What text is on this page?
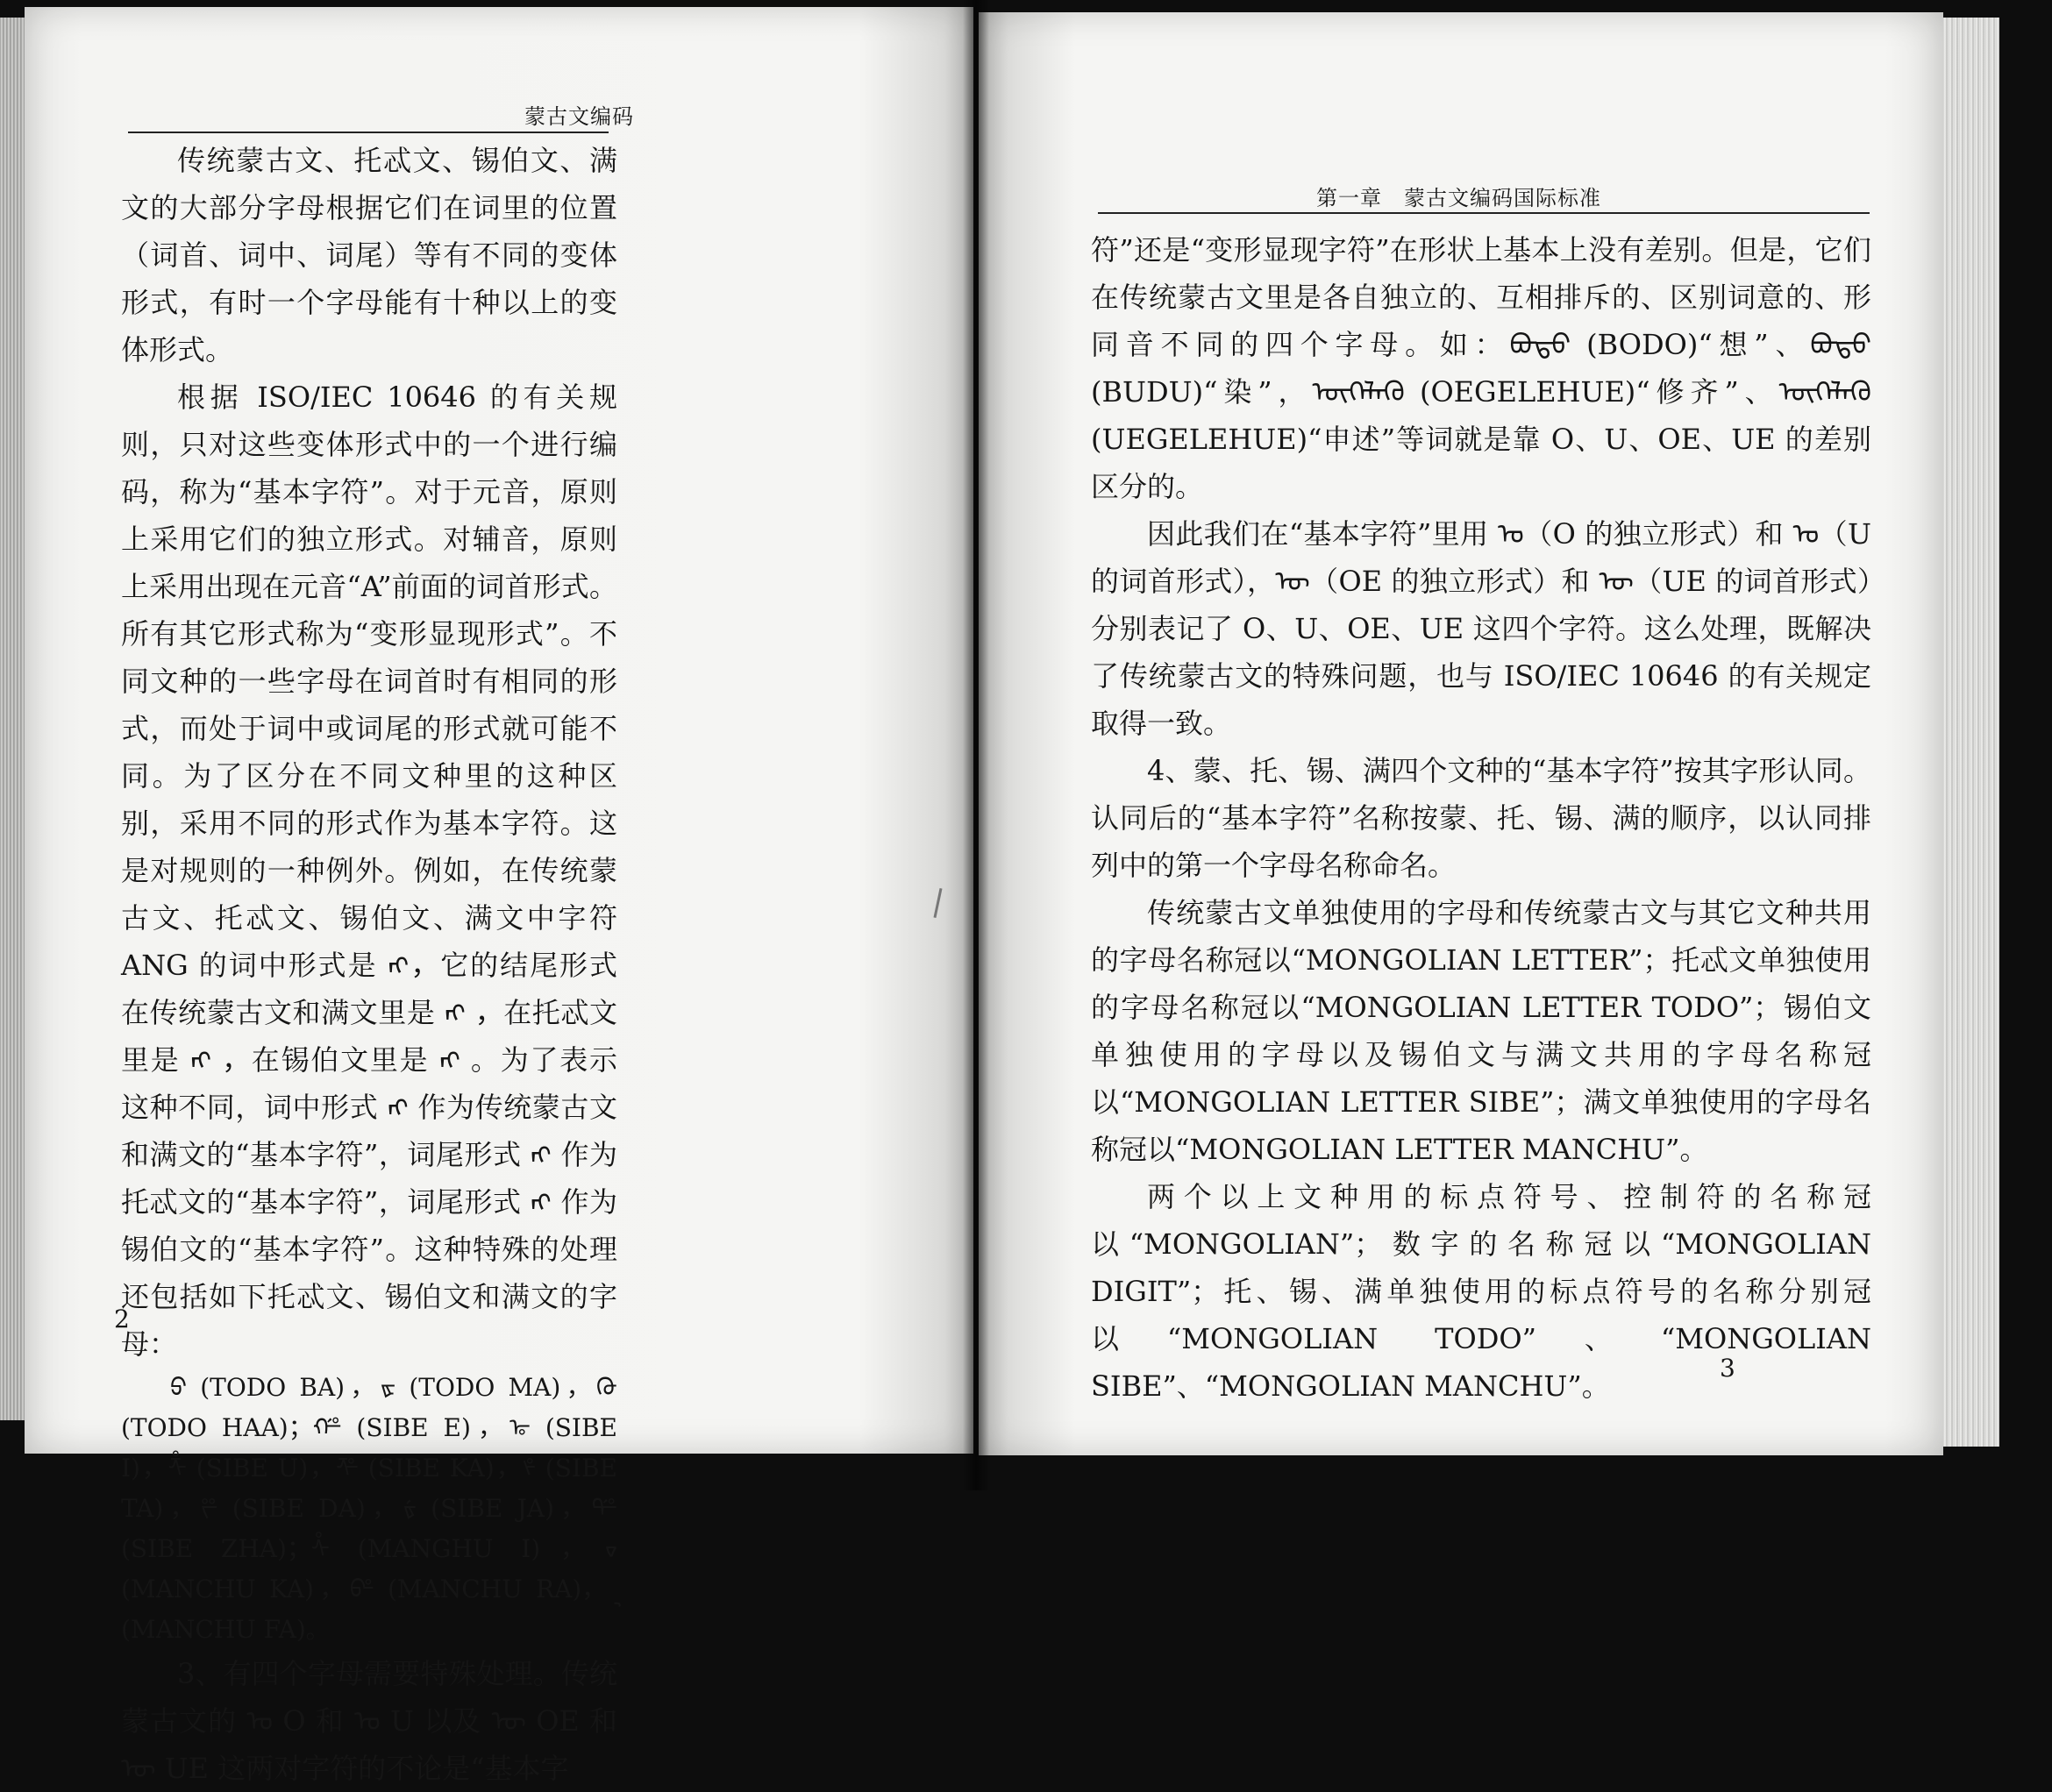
蒙古文编码

传统蒙古文、托忒文、锡伯文、满文的大部分字母根据它们在词里的位置（词首、词中、词尾）等有不同的变体形式，有时一个字母能有十种以上的变体形式。

根据 ISO/IEC 10646 的有关规则，只对这些变体形式中的一个进行编码，称为“基本字符”。对于元音，原则上采用它们的独立形式。对辅音，原则上采用出现在元音“A”前面的词首形式。所有其它形式称为“变形显现形式”。不同文种的一些字母在词首时有相同的形式，而处于词中或词尾的形式就可能不同。为了区分在不同文种里的这种区别，采用不同的形式作为基本字符。这是对规则的一种例外。例如，在传统蒙古文、托忒文、锡伯文、满文中字符 ANG 的词中形式是 ᠩ，它的结尾形式在传统蒙古文和满文里是 ᠩ ，在托忒文里是 ᠩ ，在锡伯文里是 ᠩ 。为了表示这种不同，词中形式 ᠩ 作为传统蒙古文和满文的“基本字符”，词尾形式 ᠩ 作为托忒文的“基本字符”，词尾形式 ᠩ 作为锡伯文的“基本字符”。这种特殊的处理还包括如下托忒文、锡伯文和满文的字母：

ᢒ (TODO BA)，ᢘ (TODO MA)，ᢙ (TODO HAA)；ᢚ (SIBE E)，ᢛ (SIBE I)，ᢜ (SIBE U)，ᢝ (SIBE KA)，ᢞ (SIBE TA)，ᢟ (SIBE DA)，ᢠ (SIBE JA)，ᢡ (SIBE ZHA)；ᢥ (MANGHU I)，ᢦ (MANCHU KA)，ᢨ (MANCHU RA)，ᢩ (MANCHU FA)。

3、有四个字母需要特殊处理。传统蒙古文的 ᠣ O 和 ᠤ U 以及 ᠥ OE 和 ᠦ UE 这两对字符的不论是“基本字

2
第一章　蒙古文编码国际标准

符”还是“变形显现字符”在形状上基本上没有差别。但是，它们在传统蒙古文里是各自独立的、互相排斥的、区别词意的、形同音不同的四个字母。如：ᠪᠣᠳᠣ (BODO)“想”、ᠪᠤᠳᠤ (BUDU)“染”，ᠥᠭᠡᠯᠡᠬᠦ (OEGELEHUE)“修齐”、ᠦᠭᠡᠯᠡᠬᠦ (UEGELEHUE)“申述”等词就是靠 O、U、OE、UE 的差别区分的。

因此我们在“基本字符”里用 ᠣ（O 的独立形式）和 ᠤ（U 的词首形式），ᠥ（OE 的独立形式）和 ᠦ（UE 的词首形式）分别表记了 O、U、OE、UE 这四个字符。这么处理，既解决了传统蒙古文的特殊问题，也与 ISO/IEC 10646 的有关规定取得一致。

4、蒙、托、锡、满四个文种的“基本字符”按其字形认同。认同后的“基本字符”名称按蒙、托、锡、满的顺序，以认同排列中的第一个字母名称命名。

传统蒙古文单独使用的字母和传统蒙古文与其它文种共用的字母名称冠以“MONGOLIAN LETTER”；托忒文单独使用的字母名称冠以“MONGOLIAN LETTER TODO”；锡伯文单独使用的字母以及锡伯文与满文共用的字母名称冠以“MONGOLIAN LETTER SIBE”；满文单独使用的字母名称冠以“MONGOLIAN LETTER MANCHU”。

两个以上文种用的标点符号、控制符的名称冠以“MONGOLIAN”；数字的名称冠以“MONGOLIAN DIGIT”；托、锡、满单独使用的标点符号的名称分别冠以“MONGOLIAN TODO”、“MONGOLIAN SIBE”、“MONGOLIAN MANCHU”。

3
